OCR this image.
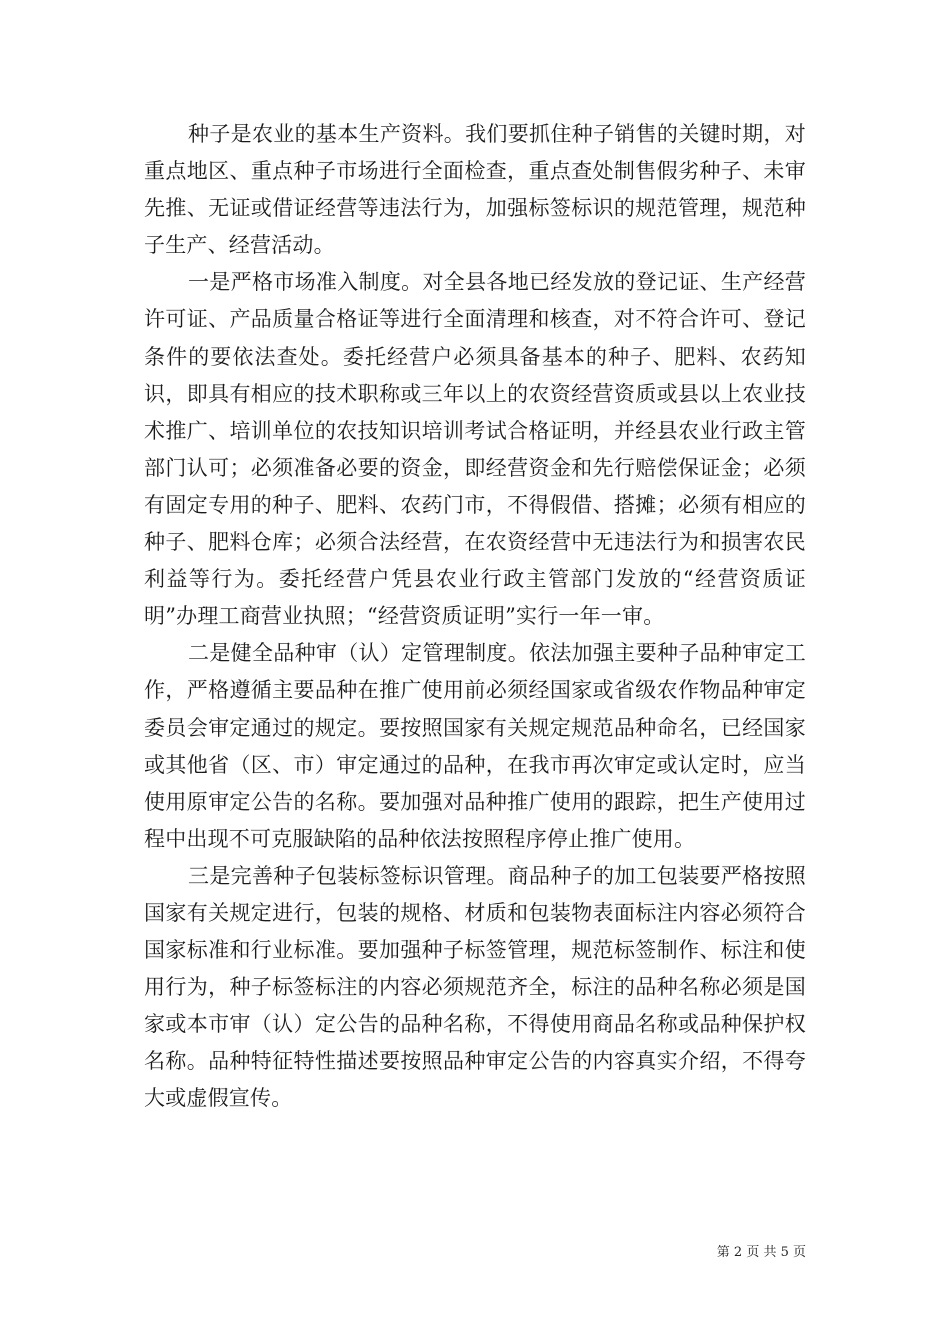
种子是农业的基本生产资料。我们要抓住种子销售的关键时期，对重点地区、重点种子市场进行全面检查，重点查处制售假劣种子、未审先推、无证或借证经营等违法行为，加强标签标识的规范管理，规范种子生产、经营活动。

一是严格市场准入制度。对全县各地已经发放的登记证、生产经营许可证、产品质量合格证等进行全面清理和核查，对不符合许可、登记条件的要依法查处。委托经营户必须具备基本的种子、肥料、农药知识，即具有相应的技术职称或三年以上的农资经营资质或县以上农业技术推广、培训单位的农技知识培训考试合格证明，并经县农业行政主管部门认可；必须准备必要的资金，即经营资金和先行赔偿保证金；必须有固定专用的种子、肥料、农药门市，不得假借、搭摊；必须有相应的种子、肥料仓库；必须合法经营，在农资经营中无违法行为和损害农民利益等行为。委托经营户凭县农业行政主管部门发放的“经营资质证明”办理工商营业执照；“经营资质证明”实行一年一审。

二是健全品种审（认）定管理制度。依法加强主要种子品种审定工作，严格遵循主要品种在推广使用前必须经国家或省级农作物品种审定委员会审定通过的规定。要按照国家有关规定规范品种命名，已经国家或其他省（区、市）审定通过的品种，在我市再次审定或认定时，应当使用原审定公告的名称。要加强对品种推广使用的跟踪，把生产使用过程中出现不可克服缺陷的品种依法按照程序停止推广使用。

三是完善种子包装标签标识管理。商品种子的加工包装要严格按照国家有关规定进行，包装的规格、材质和包装物表面标注内容必须符合国家标准和行业标准。要加强种子标签管理，规范标签制作、标注和使用行为，种子标签标注的内容必须规范齐全，标注的品种名称必须是国家或本市审（认）定公告的品种名称，不得使用商品名称或品种保护权名称。品种特征特性描述要按照品种审定公告的内容真实介绍，不得夸大或虚假宣传。

第 2 页 共 5 页
